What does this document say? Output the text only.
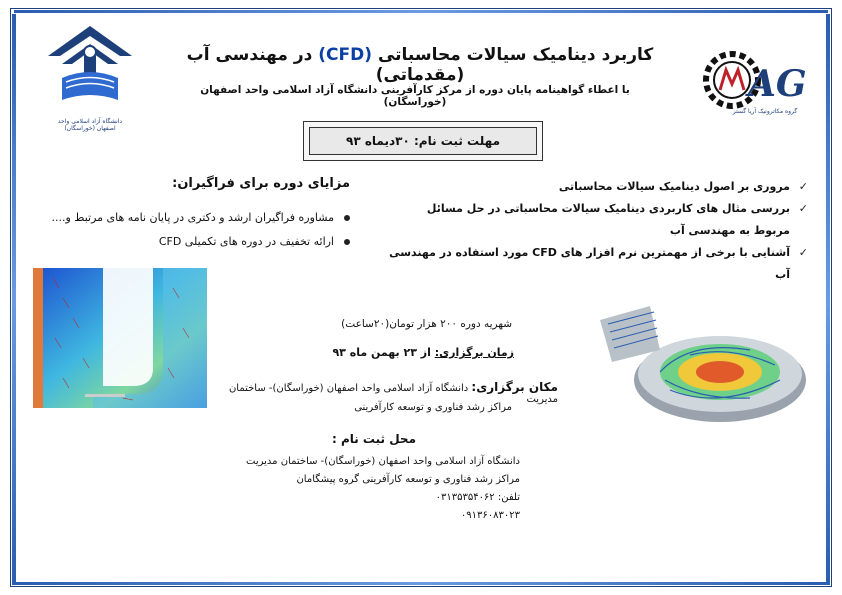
دانشگاه آزاد اسلامی واحد اصفهان (خوراسگان)
AG
گروه مکاترونیک آریا گستر
کاربرد دینامیک سیالات محاسباتی (CFD) در مهندسی آب (مقدماتی)
با اعطاء گواهینامه پایان دوره از مرکز کارآفرینی دانشگاه آزاد اسلامی واحد اصفهان (خوراسگان)
مهلت ثبت نام: ۳۰دیماه ۹۳
✓
مروری بر اصول دینامیک سیالات محاسباتی
✓
بررسی مثال های کاربردی دینامیک سیالات محاسباتی در حل مسائل
مربوط به مهندسی آب
✓
آشنایی با برخی از مهمترین نرم افزار های CFD مورد استفاده در مهندسی آب
مزایای دوره برای فراگیران:
مشاوره فراگیران ارشد و دکتری در پایان نامه های مرتبط و....
ارائه تخفیف در دوره های تکمیلی CFD
شهریه دوره ۲۰۰ هزار تومان(۲۰ساعت)
زمان برگزاری: از ۲۳ بهمن ماه ۹۳
مکان برگزاری: دانشگاه آزاد اسلامی واحد اصفهان (خوراسگان)- ساختمان مدیریت
مراکز رشد فناوری و توسعه کارآفرینی
محل ثبت نام :
دانشگاه آزاد اسلامی واحد اصفهان (خوراسگان)- ساختمان مدیریت
مراکز رشد فناوری و توسعه کارآفرینی گروه پیشگامان
تلفن: ۰۳۱۳۵۳۵۴۰۶۲
۰۹۱۳۶۰۸۳۰۲۳
